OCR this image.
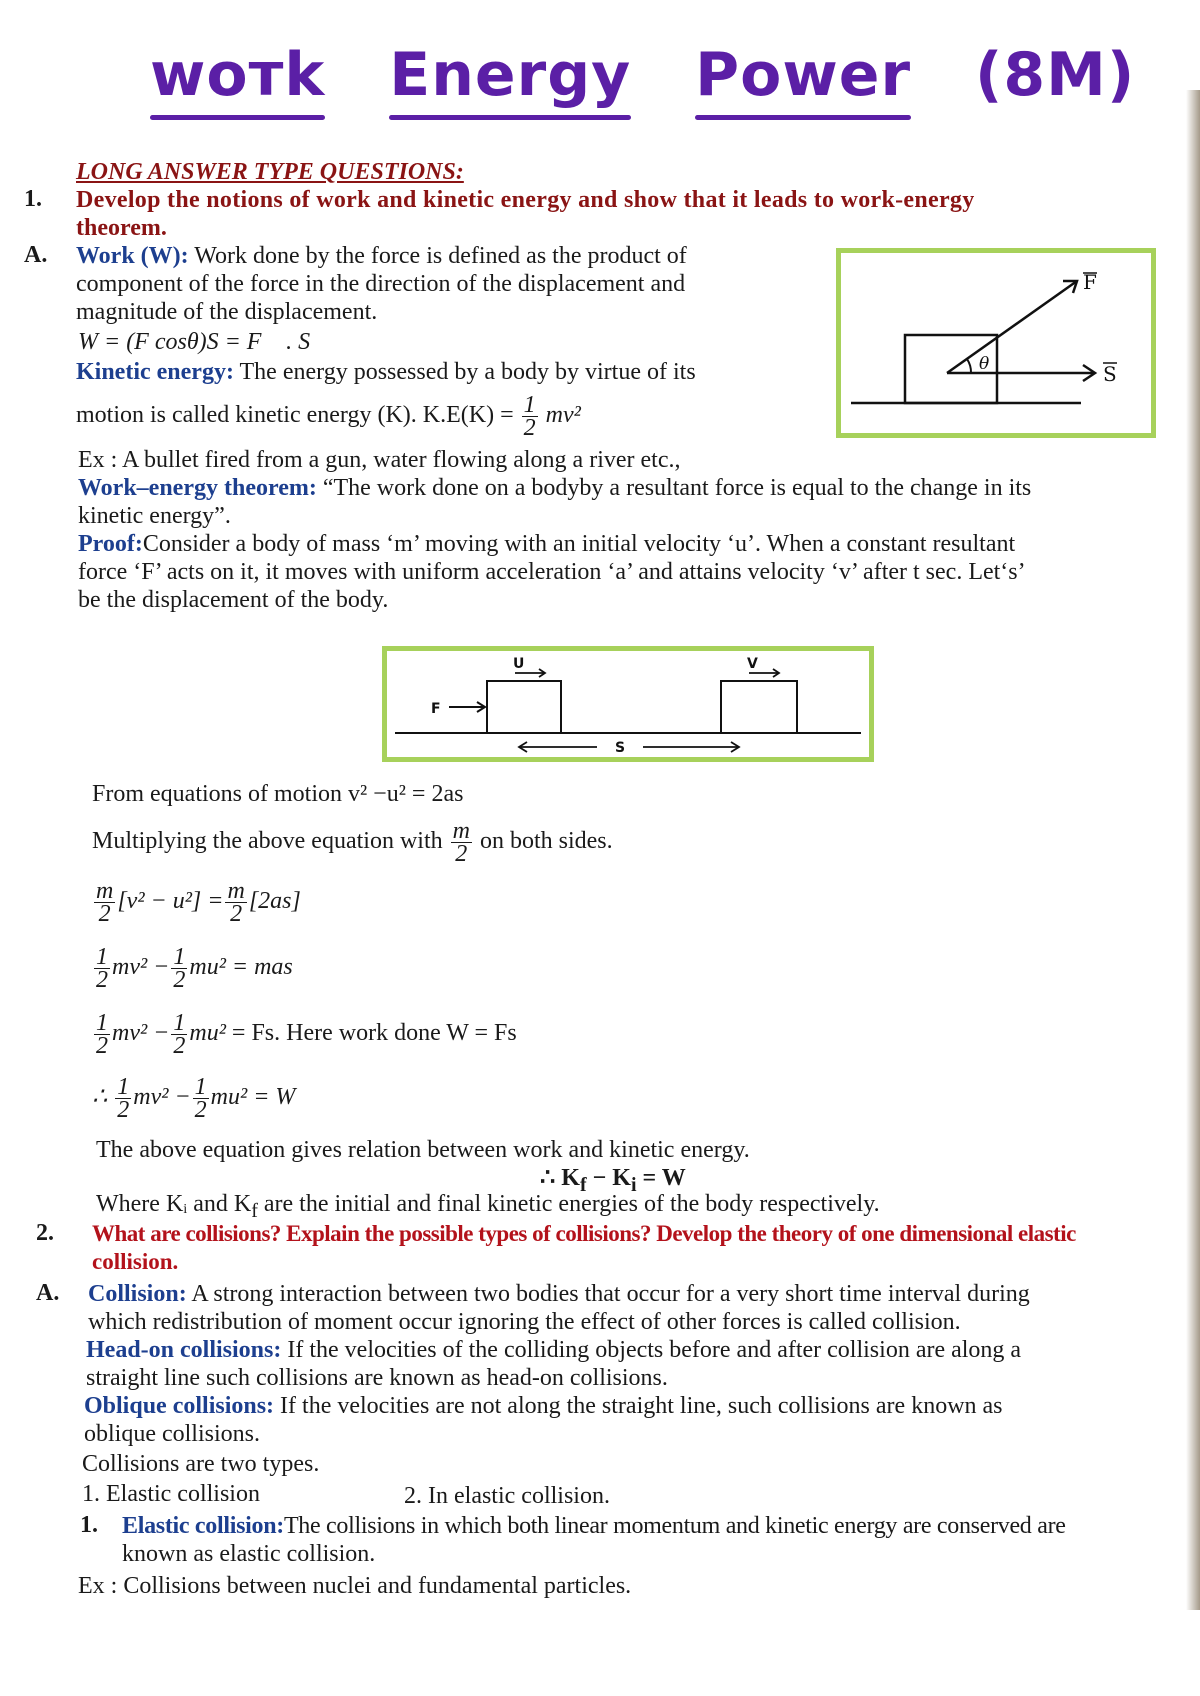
woтk Energy Power (8M)
LONG ANSWER TYPE QUESTIONS:
1. Develop the notions of work and kinetic energy and show that it leads to work-energy
theorem.
A. Work (W): Work done by the force is defined as the product of
component of the force in the direction of the displacement and
magnitude of the displacement.
W = (F cosθ)S = F⃗ . S⃗
Kinetic energy: The energy possessed by a body by virtue of its
motion is called kinetic energy (K). $K.E(K) = \frac{1}{2} mv^2$
Ex : A bullet fired from a gun, water flowing along a river etc.,
Work–energy theorem: “The work done on a bodyby a resultant force is equal to the change in its
kinetic energy”.
Proof:Consider a body of mass ‘m’ moving with an initial velocity ‘u’. When a constant resultant
force ‘F’ acts on it, it moves with uniform acceleration ‘a’ and attains velocity ‘v’ after t sec. Let‘s’
be the displacement of the body.
θ
F
S
F
U	V
S
From equations of motion v² −u² = 2as
Multiplying the above equation with $\frac{m}{2}$ on both sides.
$\frac{m}{2} [v^2 - u^2] = \frac{m}{2} [2as]$
$\frac{1}{2} mv^2 - \frac{1}{2} mu^2$ = mas
$\frac{1}{2} mv^2 - \frac{1}{2} mu^2 = Fs$. Here work done W = Fs
∴ $\frac{1}{2} mv^2 - \frac{1}{2} mu^2 = W$
The above equation gives relation between work and kinetic energy.
∴ $K_f - K_i = W$
Where Kᵢ and $K_f$ are the initial and final kinetic energies of the body respectively.
2. What are collisions? Explain the possible types of collisions? Develop the theory of one dimensional elastic
collision.
A. Collision: A strong interaction between two bodies that occur for a very short time interval during
which redistribution of moment occur ignoring the effect of other forces is called collision.
Head-on collisions: If the velocities of the colliding objects before and after collision are along a
straight line such collisions are known as head-on collisions.
Oblique collisions: If the velocities are not along the straight line, such collisions are known as
oblique collisions.
Collisions are two types.
1. Elastic collision	2. In elastic collision.
1. Elastic collision:The collisions in which both linear momentum and kinetic energy are conserved are
known as elastic collision.
Ex : Collisions between nuclei and fundamental particles.
